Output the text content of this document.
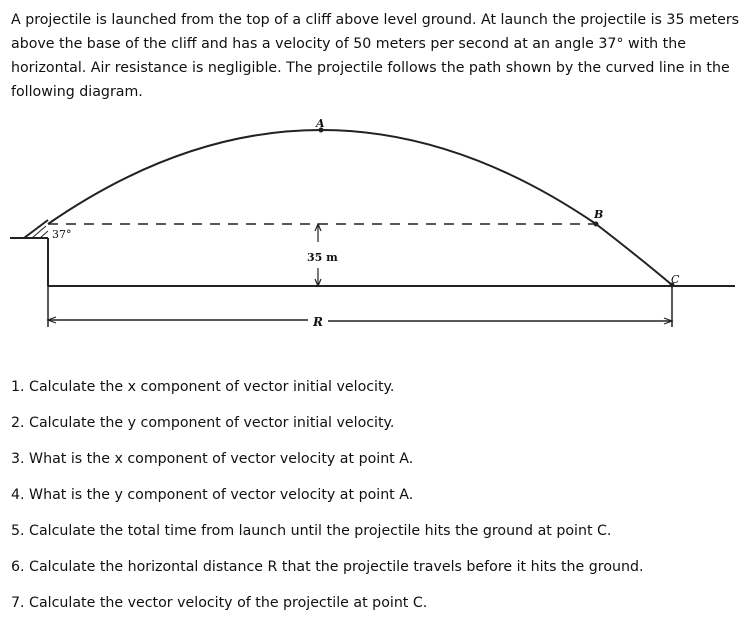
A projectile is launched from the top of a cliff above level ground. At launch the projectile is 35 meters above the base of the cliff and has a velocity of 50 meters per second at an angle 37° with the horizontal. Air resistance is negligible. The projectile follows the path shown by the curved line in the following diagram.

37°
A
B
C
35 m
R
1. Calculate the x component of vector initial velocity.
2. Calculate the y component of vector initial velocity.
3. What is the x component of vector velocity at point A.
4. What is the y component of vector velocity at point A.
5. Calculate the total time from launch until the projectile hits the ground at point C.
6. Calculate the horizontal distance R that the projectile travels before it hits the ground.
7. Calculate the vector velocity of the projectile at point C.
